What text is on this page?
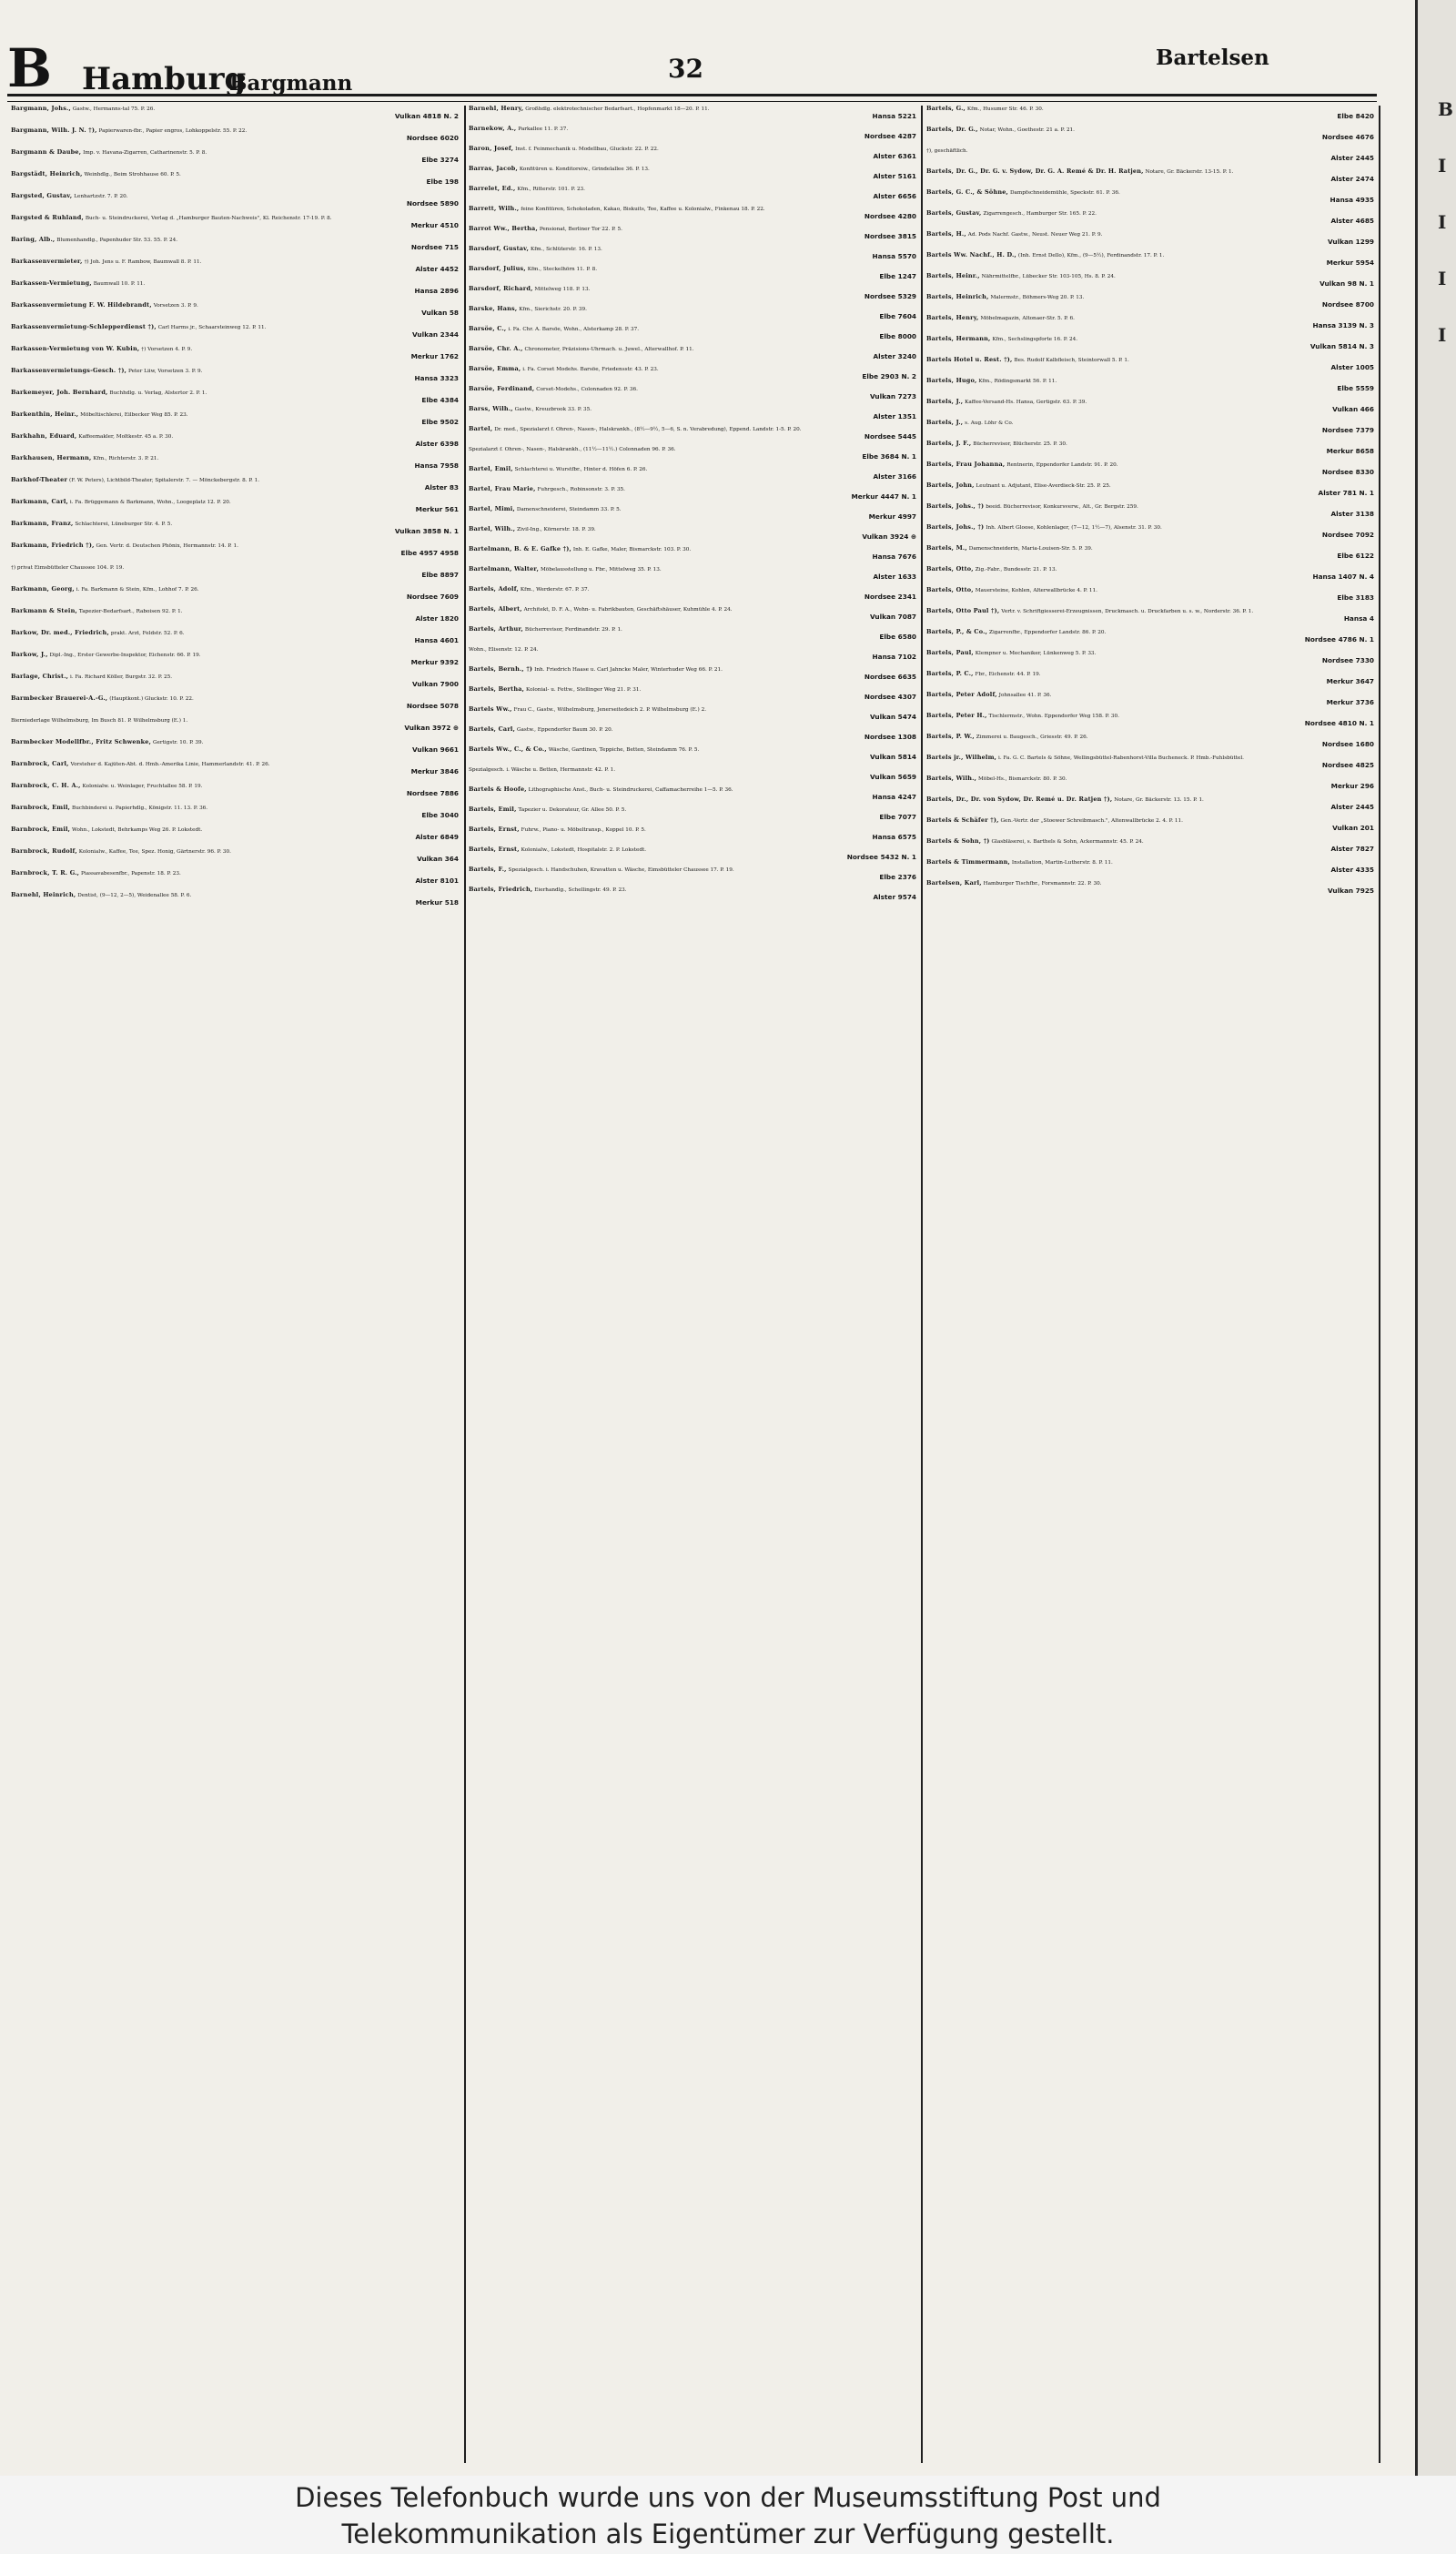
B Hamburg
Bargmann	32	Bartelsen
Bargmann, Johs., Gastw., Hermanns-tal 75. P. 26.
Vulkan 4818 N. 2
Bargmann, Wilh. J. N. †), Papierwaren-fbr., Papier engros, Lohkoppelstr. 55. P. 22.
Nordsee 6020
Bargmann & Daube, Imp. v. Havana-Zigarren, Catharinenstr. 5. P. 8.
Elbe 3274
Bargstädt, Heinrich, Weinhdlg., Beim Strohhause 60. P. 5.
Elbe 198
Bargsted, Gustav, Lenhartzstr. 7. P. 20.
Nordsee 5890
Bargsted & Ruhland, Buch- u. Steindruckerei, Verlag d. „Hamburger Bauten-Nachweis", Kl. Reichenstr. 17-19. P. 8.
Merkur 4510
Baring, Alb., Blumenhandlg., Papenhuder Str. 53. 55. P. 24.
Nordsee 715
Barkassenvermieter, †) Joh. Jens u. F. Rambow, Baumwall 8. P. 11.
Alster 4452
Barkassen-Vermietung, Baumwall 10. P. 11.
Hansa 2896
Barkassenvermietung F. W. Hildebrandt, Vorsetzen 3. P. 9.
Vulkan 58
Barkassenvermietung-Schlepperdienst †), Carl Harms jr., Schaarsteinweg 12. P. 11.
Vulkan 2344
Barkassen-Vermietung von W. Kubin, †) Vorsetzen 4. P. 9.
Merkur 1762
Barkassenvermietungs-Gesch. †), Peter Liiw, Vorsetzen 3. P. 9.
Hansa 3323
Barkemeyer, Joh. Bernhard, Buchhdlg. u. Verlag, Alstertor 2. P. 1.
Elbe 4384
Barkenthin, Heinr., Möbeltischlerei, Eilbecker Weg 85. P. 23.
Elbe 9502
Barkhahn, Eduard, Kaffeemakler, Moltkestr. 45 a. P. 30.
Alster 6398
Barkhausen, Hermann, Kfm., Richterstr. 3. P. 21.
Hansa 7958
Barkhof-Theater (F. W. Peters), Lichtbild-Theater, Spitalerstr. 7. — Mönckebergstr. 8. P. 1.
Alster 83
Barkmann, Carl, i. Fa. Brüggemann & Barkmann, Wohn., Loogeplatz 12. P. 20.
Merkur 561
Barkmann, Franz, Schlachterei, Lüneburger Str. 4. P. 5.
Vulkan 3858 N. 1
Barkmann, Friedrich †), Gen. Vertr. d. Deutschen Phönix, Hermannstr. 14. P. 1.
Elbe 4957 4958
†) privat Eimsbütteler Chaussee 104. P. 19.
Elbe 8897
Barkmann, Georg, i. Fa. Barkmann & Stein, Kfm., Lohhof 7. P. 26.
Nordsee 7609
Barkmann & Stein, Tapezier-Bedarfsart., Raboisen 92. P. 1.
Alster 1820
Barkow, Dr. med., Friedrich, prakt. Arzt, Feldstr. 52. P. 6.
Hansa 4601
Barkow, J., Dipl.-Ing., Erster Gewerbe-Inspektor, Eichenstr. 66. P. 19.
Merkur 9392
Barlage, Christ., i. Fa. Richard Köller, Burgstr. 32. P. 25.
Vulkan 7900
Barmbecker Brauerei-A.-G., (Hauptkont.) Gluckstr. 10. P. 22.
Nordsee 5078
Bierniederlage Wilhelmsburg, Im Busch 81. P. Wilhelmsburg (E.) 1.
Vulkan 3972 ⊕
Barmbecker Modellfbr., Fritz Schwenke, Gertigstr. 10. P. 39.
Vulkan 9661
Barnbrock, Carl, Vorsteher d. Kajüten-Abt. d. Hmb.-Amerika Linie, Hammerlandstr. 41. P. 26.
Merkur 3846
Barnbrock, C. H. A., Kolonialw. u. Weinlager, Fruchtallee 58. P. 19.
Nordsee 7886
Barnbrock, Emil, Buchbinderei u. Papierhdlg., Königstr. 11. 13. P. 36.
Elbe 3040
Barnbrock, Emil, Wohn., Lokstedt, Behrkamps Weg 26. P. Lokstedt.
Alster 6849
Barnbrock, Rudolf, Kolonialw., Kaffee, Tee, Spez. Honig, Gärtnerstr. 96. P. 30.
Vulkan 364
Barnbrock, T. R. G., Piassavabesenfbr., Papenstr. 18. P. 23.
Alster 8101
Barnehl, Heinrich, Dentist, (9—12, 2—5), Weidenallee 58. P. 6.
Merkur 518
Barnehl, Henry, Großhdlg. elektrotechnischer Bedarfsart., Hopfenmarkt 18—20. P. 11.
Hansa 5221
Barnekow, A., Parkallee 11. P. 37.
Nordsee 4287
Baron, Josef, Inst. f. Feinmechanik u. Modellbau, Gluckstr. 22. P. 22.
Alster 6361
Barras, Jacob, Konfitüren u. Konditoreiw., Grindelallee 36. P. 13.
Alster 5161
Barrelet, Ed., Kfm., Ritterstr. 101. P. 23.
Alster 6656
Barrett, Wilh., feine Konfitüren, Schokoladen, Kakao, Biskuits, Tee, Kaffee u. Kolonialw., Finkenau 18. P. 22.
Nordsee 4280
Barrot Ww., Bertha, Pensionat, Berliner Tor 22. P. 5.
Nordsee 3815
Barsdorf, Gustav, Kfm., Schlüterstr. 16. P. 13.
Hansa 5570
Barsdorf, Julius, Kfm., Steckelhörn 11. P. 8.
Elbe 1247
Barsdorf, Richard, Mittelweg 118. P. 13.
Nordsee 5329
Barske, Hans, Kfm., Sierichstr. 20. P. 39.
Elbe 7604
Barsöe, C., i. Fa. Chr. A. Barsöe, Wohn., Alsterkamp 28. P. 37.
Elbe 8000
Barsöe, Chr. A., Chronometer, Präzisions-Uhrmach. u. Juwel., Alterwallhof. P. 11.
Alster 3240
Barsöe, Emma, i. Fa. Corset Modehs. Barsöe, Friedensstr. 43. P. 23.
Elbe 2903 N. 2
Barsöe, Ferdinand, Corset-Modehs., Colonnaden 92. P. 36.
Vulkan 7273
Barss, Wilh., Gastw., Kreuzbrook 33. P. 35.
Alster 1351
Bartel, Dr. med., Spezialarzt f. Ohren-, Nasen-, Halskrankh., (8½—9½, 5—6, S. n. Verabredung), Eppend. Landstr. 1-5. P. 20.
Nordsee 5445
Spezialarzt f. Ohren-, Nasen-, Halskrankh., (11½—11½.) Colonnaden 96. P. 36.
Elbe 3684 N. 1
Bartel, Emil, Schlachterei u. Wurstfbr., Hinter d. Höfen 6. P. 26.
Alster 3166
Bartel, Frau Marie, Fuhrgesch., Robinsonstr. 3. P. 35.
Merkur 4447 N. 1
Bartel, Mimi, Damenschneiderei, Steindamm 33. P. 5.
Merkur 4997
Bartel, Wilh., Zivil-Ing., Körnerstr. 18. P. 39.
Vulkan 3924 ⊕
Bartelmann, B. & E. Gafke †), Inh. E. Gafke, Maler, Bismarckstr. 103. P. 30.
Hansa 7676
Bartelmann, Walter, Möbelausstellung u. Fbr., Mittelweg 35. P. 13.
Alster 1633
Bartels, Adolf, Kfm., Werderstr. 67. P. 37.
Nordsee 2341
Bartels, Albert, Architekt, D. F. A., Wohn- u. Fabrikbauten, Geschäftshäuser, Kuhmühle 4. P. 24.
Vulkan 7087
Bartels, Arthur, Bücherrevisor, Ferdinandstr. 29. P. 1.
Elbe 6580
Wohn., Elisenstr. 12. P. 24.
Hansa 7102
Bartels, Bernh., †) Inh. Friedrich Haase u. Carl Jahncke Maler, Winterhuder Weg 66. P. 21.
Nordsee 6635
Bartels, Bertha, Kolonial- u. Fettw., Stellinger Weg 21. P. 31.
Nordsee 4307
Bartels Ww., Frau C., Gastw., Wilhelmsburg, Jenerseitedeich 2. P. Wilhelmsburg (E.) 2.
Vulkan 5474
Bartels, Carl, Gastw., Eppendorfer Baum 30. P. 20.
Nordsee 1308
Bartels Ww., C., & Co., Wäsche, Gardinen, Teppiche, Betten, Steindamm 76. P. 5.
Vulkan 5814
Spezialgesch. i. Wäsche u. Betten, Hermannstr. 42. P. 1.
Vulkan 5659
Bartels & Hoofe, Lithographische Anst., Buch- u. Steindruckerei, Caffamacherreihe 1—5. P. 36.
Hansa 4247
Bartels, Emil, Tapezier u. Dekorateur, Gr. Allee 50. P. 5.
Elbe 7077
Bartels, Ernst, Fuhrw., Piano- u. Möbeltransp., Koppel 10. P. 5.
Hansa 6575
Bartels, Ernst, Kolonialw., Lokstedt, Hospitalstr. 2. P. Lokstedt.
Nordsee 5432 N. 1
Bartels, F., Spezialgesch. i. Handschuhen, Kravatten u. Wäsche, Eimsbütteler Chaussee 17. P. 19.
Elbe 2376
Bartels, Friedrich, Eierhandlg., Schellingstr. 49. P. 23.
Alster 9574
Bartels, G., Kfm., Husumer Str. 46. P. 30.
Elbe 8420
Bartels, Dr. G., Notar, Wohn., Goethestr. 21 a. P. 21.
Nordsee 4676
†), geschäftlich.
Alster 2445
Bartels, Dr. G., Dr. G. v. Sydow, Dr. G. A. Remé & Dr. H. Ratjen, Notare, Gr. Bäckerstr. 13-15. P. 1.
Alster 2474
Bartels, G. C., & Söhne, Dampfschneidemühle, Speckstr. 61. P. 36.
Hansa 4935
Bartels, Gustav, Zigarrengesch., Hamburger Str. 165. P. 22.
Alster 4685
Bartels, H., Ad. Pods Nachf. Gastw., Neust. Neuer Weg 21. P. 9.
Vulkan 1299
Bartels Ww. Nachf., H. D., (Inh. Ernst Dello), Kfm., (9—5½), Ferdinandstr. 17. P. 1.
Merkur 5954
Bartels, Heinr., Nährmittelfbr., Lübecker Str. 103-105, Hs. 8. P. 24.
Vulkan 98 N. 1
Bartels, Heinrich, Malermstr., Böhmers-Weg 20. P. 13.
Nordsee 8700
Bartels, Henry, Möbelmagazin, Altonaer-Str. 5. P. 6.
Hansa 3139 N. 3
Bartels, Hermann, Kfm., Sechslingspforte 16. P. 24.
Vulkan 5814 N. 3
Bartels Hotel u. Rest. †), Bes. Rudolf Kalbfleisch, Steintorwall 5. P. 1.
Alster 1005
Bartels, Hugo, Kfm., Rödingsmarkt 56. P. 11.
Elbe 5559
Bartels, J., Kaffee-Versand-Hs. Hansa, Gertigstr. 63. P. 39.
Vulkan 466
Bartels, J., s. Aug. Löhr & Co.
Nordsee 7379
Bartels, J. F., Bücherrevisor, Blücherstr. 25. P. 30.
Merkur 8658
Bartels, Frau Johanna, Rentnerin, Eppendorfer Landstr. 91. P. 20.
Nordsee 8330
Bartels, John, Leutnant u. Adjutant, Elise-Averdieck-Str. 25. P. 25.
Alster 781 N. 1
Bartels, Johs., †) beeid. Bücherrevisor, Konkursverw., Alt., Gr. Bergstr. 259.
Alster 3138
Bartels, Johs., †) Inh. Albert Gloose, Kohlenlager, (7—12, 1½—7), Alsenstr. 31. P. 30.
Nordsee 7092
Bartels, M., Damenschneiderin, Maria-Louisen-Str. 5. P. 39.
Elbe 6122
Bartels, Otto, Zig.-Fabr., Bundesstr. 21. P. 13.
Hansa 1407 N. 4
Bartels, Otto, Mauersteine, Kohlen, Alterwallbrücke 4. P. 11.
Elbe 3183
Bartels, Otto Paul †), Vertr. v. Schriftgiesserei-Erzeugnissen, Druckmasch. u. Druckfarben u. s. w., Norderstr. 36. P. 1.
Hansa 4
Bartels, P., & Co., Zigarrenfbr., Eppendorfer Landstr. 86. P. 20.
Nordsee 4786 N. 1
Bartels, Paul, Klempner u. Mechaniker, Lünkenweg 5. P. 33.
Nordsee 7330
Bartels, P. C., Fbr., Eichenstr. 44. P. 19.
Merkur 3647
Bartels, Peter Adolf, Johnsallee 41. P. 36.
Merkur 3736
Bartels, Peter H., Tischlermstr., Wohn. Eppendorfer Weg 158. P. 30.
Nordsee 4810 N. 1
Bartels, P. W., Zimmerei u. Baugesch., Griesstr. 49. P. 26.
Nordsee 1680
Bartels jr., Wilhelm, i. Fa. G. C. Bartels & Söhne, Wellingsbüttel-Rabenhorst-Villa Bucheneck. P. Hmb.-Fuhlsbüttel.
Nordsee 4825
Bartels, Wilh., Möbel-Hs., Bismarckstr. 80. P. 30.
Merkur 296
Bartels, Dr., Dr. von Sydow, Dr. Remé u. Dr. Ratjen †), Notare, Gr. Bäckerstr. 13. 15. P. 1.
Alster 2445
Bartels & Schäfer †), Gen.-Vertr. der „Stoewer Schreibmasch.", Altenwallbrücke 2. 4. P. 11.
Vulkan 201
Bartels & Sohn, †) Glasbläserei, s. Barthels & Sohn, Ackermannstr. 45. P. 24.
Alster 7827
Bartels & Timmermann, Installation, Martin-Lutherstr. 8. P. 11.
Alster 4335
Bartelsen, Karl, Hamburger Tischfbr., Forsmannstr. 22. P. 30.
Vulkan 7925
B
I
I
I
I
Dieses Telefonbuch wurde uns von der Museumsstiftung Post und
Telekommunikation als Eigentümer zur Verfügung gestellt.
